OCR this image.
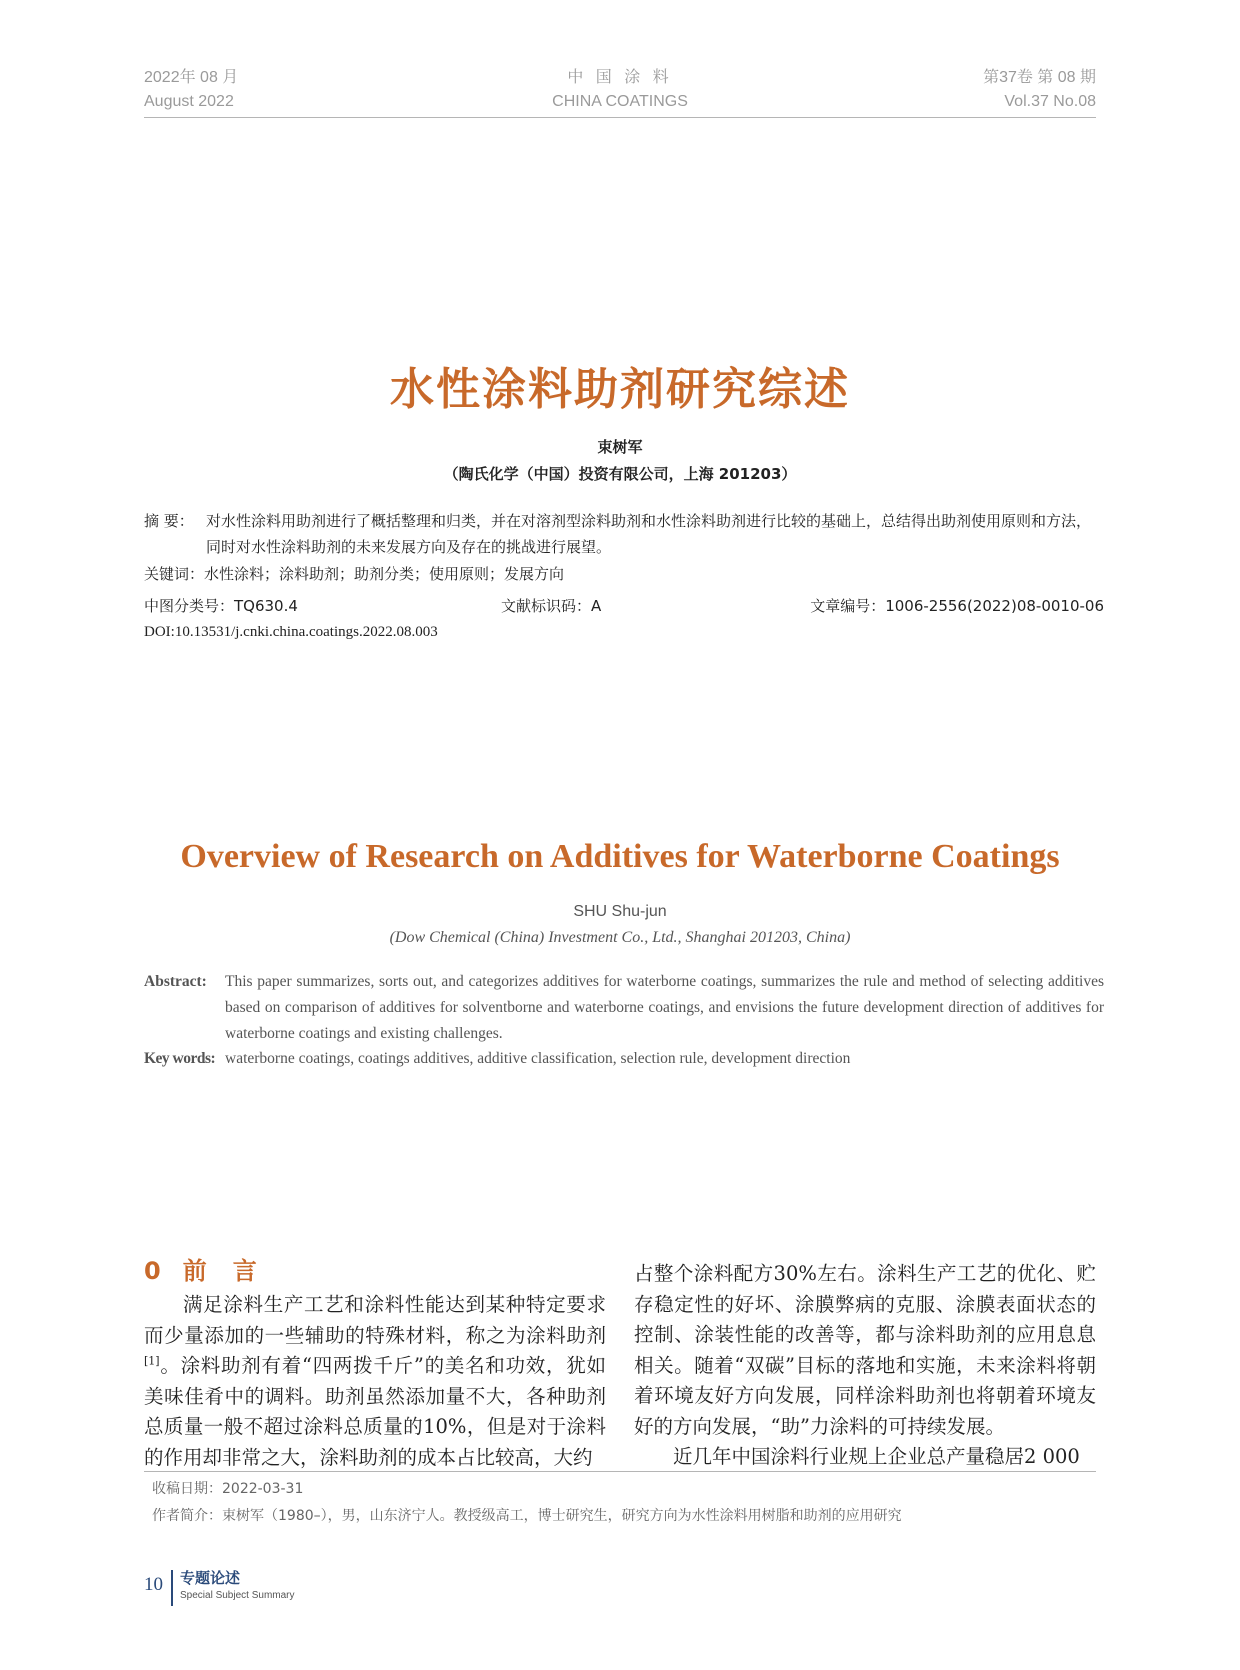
2022年 08 月
August 2022
中 国 涂 料
CHINA COATINGS
第37卷 第 08 期
Vol.37 No.08
水性涂料助剂研究综述
束树军
（陶氏化学（中国）投资有限公司，上海 201203）
摘 要： 对水性涂料用助剂进行了概括整理和归类，并在对溶剂型涂料助剂和水性涂料助剂进行比较的基础上，总结得出助剂使用原则和方法，同时对水性涂料助剂的未来发展方向及存在的挑战进行展望。
关键词：水性涂料；涂料助剂；助剂分类；使用原则；发展方向
中图分类号：TQ630.4	文献标识码：A	文章编号：1006-2556(2022)08-0010-06
DOI:10.13531/j.cnki.china.coatings.2022.08.003
Overview of Research on Additives for Waterborne Coatings
SHU Shu-jun
(Dow Chemical (China) Investment Co., Ltd., Shanghai 201203, China)
Abstract: This paper summarizes, sorts out, and categorizes additives for waterborne coatings, summarizes the rule and method of selecting additives based on comparison of additives for solventborne and waterborne coatings, and envisions the future development direction of additives for waterborne coatings and existing challenges.
Key words: waterborne coatings, coatings additives, additive classification, selection rule, development direction
0 前 言

满足涂料生产工艺和涂料性能达到某种特定要求而少量添加的一些辅助的特殊材料，称之为涂料助剂[1]。涂料助剂有着“四两拨千斤”的美名和功效，犹如美味佳肴中的调料。助剂虽然添加量不大，各种助剂总质量一般不超过涂料总质量的10%，但是对于涂料的作用却非常之大，涂料助剂的成本占比较高，大约

占整个涂料配方30%左右。涂料生产工艺的优化、贮存稳定性的好坏、涂膜弊病的克服、涂膜表面状态的控制、涂装性能的改善等，都与涂料助剂的应用息息相关。随着“双碳”目标的落地和实施，未来涂料将朝着环境友好方向发展，同样涂料助剂也将朝着环境友好的方向发展，“助”力涂料的可持续发展。

近几年中国涂料行业规上企业总产量稳居2 000

收稿日期：2022-03-31
作者简介：束树军（1980–），男，山东济宁人。教授级高工，博士研究生，研究方向为水性涂料用树脂和助剂的应用研究
10 专题论述
Special Subject Summary
